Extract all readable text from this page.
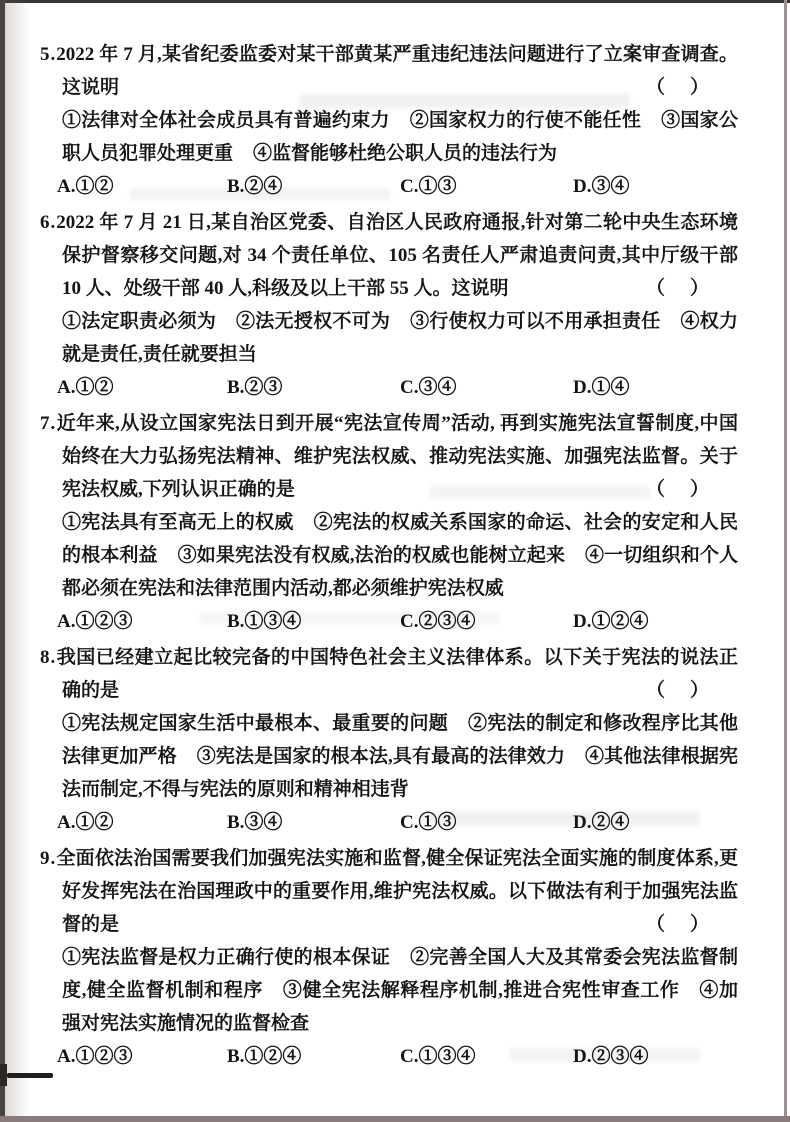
5.2022 年 7 月,某省纪委监委对某干部黄某严重违纪违法问题进行了立案审查调查。这说明	（ ）

①法律对全体社会成员具有普遍约束力 ②国家权力的行使不能任性 ③国家公职人员犯罪处理更重 ④监督能够杜绝公职人员的违法行为

A.①②	B.②④	C.①③	D.③④

6.2022 年 7 月 21 日,某自治区党委、自治区人民政府通报,针对第二轮中央生态环境保护督察移交问题,对 34 个责任单位、105 名责任人严肃追责问责,其中厅级干部 10 人、处级干部 40 人,科级及以上干部 55 人。这说明	（ ）

①法定职责必须为 ②法无授权不可为 ③行使权力可以不用承担责任 ④权力就是责任,责任就要担当

A.①②	B.②③	C.③④	D.①④

7.近年来,从设立国家宪法日到开展“宪法宣传周”活动, 再到实施宪法宣誓制度,中国始终在大力弘扬宪法精神、维护宪法权威、推动宪法实施、加强宪法监督。关于宪法权威,下列认识正确的是	（ ）

①宪法具有至高无上的权威 ②宪法的权威关系国家的命运、社会的安定和人民的根本利益 ③如果宪法没有权威,法治的权威也能树立起来 ④一切组织和个人都必须在宪法和法律范围内活动,都必须维护宪法权威

A.①②③	B.①③④	C.②③④	D.①②④

8.我国已经建立起比较完备的中国特色社会主义法律体系。以下关于宪法的说法正确的是	（ ）

①宪法规定国家生活中最根本、最重要的问题 ②宪法的制定和修改程序比其他法律更加严格 ③宪法是国家的根本法,具有最高的法律效力 ④其他法律根据宪法而制定,不得与宪法的原则和精神相违背

A.①②	B.③④	C.①③	D.②④

9.全面依法治国需要我们加强宪法实施和监督,健全保证宪法全面实施的制度体系,更好发挥宪法在治国理政中的重要作用,维护宪法权威。以下做法有利于加强宪法监督的是	（ ）

①宪法监督是权力正确行使的根本保证 ②完善全国人大及其常委会宪法监督制度,健全监督机制和程序 ③健全宪法解释程序机制,推进合宪性审查工作 ④加强对宪法实施情况的监督检查

A.①②③	B.①②④	C.①③④	D.②③④
